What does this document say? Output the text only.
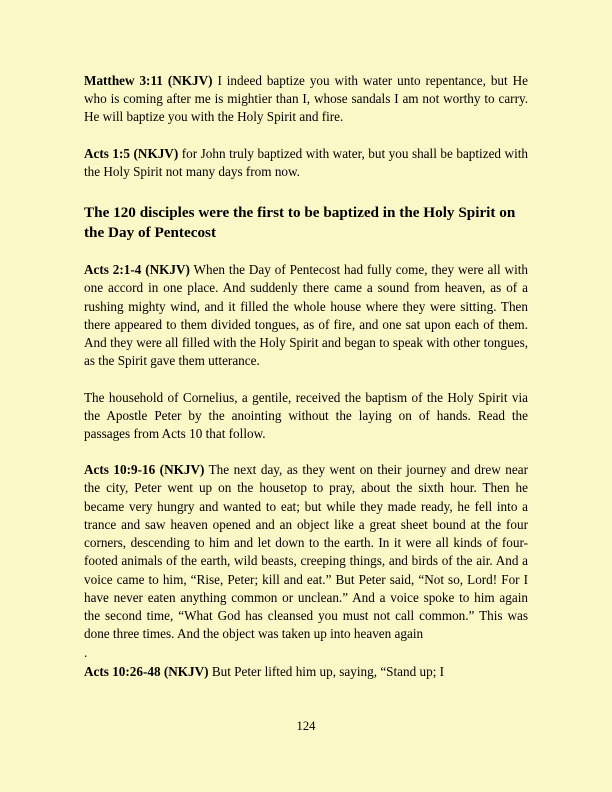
Matthew 3:11 (NKJV) I indeed baptize you with water unto repentance, but He who is coming after me is mightier than I, whose sandals I am not worthy to carry. He will baptize you with the Holy Spirit and fire.

Acts 1:5 (NKJV) for John truly baptized with water, but you shall be baptized with the Holy Spirit not many days from now.

The 120 disciples were the first to be baptized in the Holy Spirit on the Day of Pentecost

Acts 2:1-4 (NKJV) When the Day of Pentecost had fully come, they were all with one accord in one place. And suddenly there came a sound from heaven, as of a rushing mighty wind, and it filled the whole house where they were sitting. Then there appeared to them divided tongues, as of fire, and one sat upon each of them. And they were all filled with the Holy Spirit and began to speak with other tongues, as the Spirit gave them utterance.

The household of Cornelius, a gentile, received the baptism of the Holy Spirit via the Apostle Peter by the anointing without the laying on of hands. Read the passages from Acts 10 that follow.

Acts 10:9-16 (NKJV) The next day, as they went on their journey and drew near the city, Peter went up on the housetop to pray, about the sixth hour. Then he became very hungry and wanted to eat; but while they made ready, he fell into a trance and saw heaven opened and an object like a great sheet bound at the four corners, descending to him and let down to the earth. In it were all kinds of four-footed animals of the earth, wild beasts, creeping things, and birds of the air. And a voice came to him, “Rise, Peter; kill and eat.” But Peter said, “Not so, Lord! For I have never eaten anything common or unclean.” And a voice spoke to him again the second time, “What God has cleansed you must not call common.” This was done three times. And the object was taken up into heaven again

.

Acts 10:26-48 (NKJV) But Peter lifted him up, saying, “Stand up; I

124
